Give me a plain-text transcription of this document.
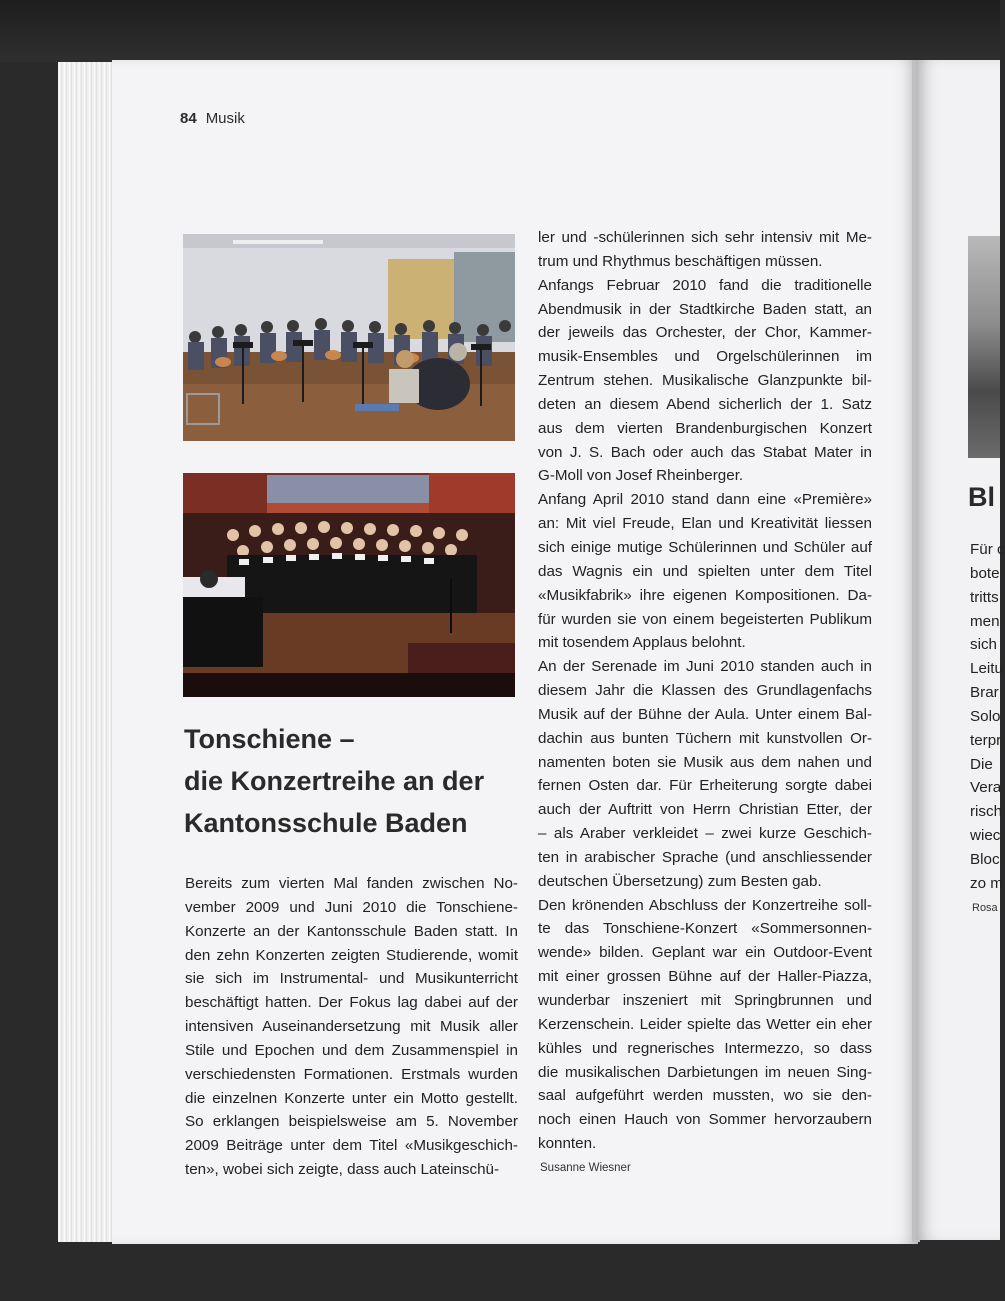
84 Musik
Tonschiene –
die Konzertreihe an der
Kantonsschule Baden
Bereits zum vierten Mal fanden zwischen No-
vember 2009 und Juni 2010 die Tonschiene-
Konzerte an der Kantonsschule Baden statt. In
den zehn Konzerten zeigten Studierende, womit
sie sich im Instrumental- und Musikunterricht
beschäftigt hatten. Der Fokus lag dabei auf der
intensiven Auseinandersetzung mit Musik aller
Stile und Epochen und dem Zusammenspiel in
verschiedensten Formationen. Erstmals wurden
die einzelnen Konzerte unter ein Motto gestellt.
So erklangen beispielsweise am 5. November
2009 Beiträge unter dem Titel «Musikgeschich-
ten», wobei sich zeigte, dass auch Lateinschü-
ler und -schülerinnen sich sehr intensiv mit Me-
trum und Rhythmus beschäftigen müssen.
Anfangs Februar 2010 fand die traditionelle
Abendmusik in der Stadtkirche Baden statt, an
der jeweils das Orchester, der Chor, Kammer-
musik-Ensembles und Orgelschülerinnen im
Zentrum stehen. Musikalische Glanzpunkte bil-
deten an diesem Abend sicherlich der 1. Satz
aus dem vierten Brandenburgischen Konzert
von J. S. Bach oder auch das Stabat Mater in
G-Moll von Josef Rheinberger.
Anfang April 2010 stand dann eine «Première»
an: Mit viel Freude, Elan und Kreativität liessen
sich einige mutige Schülerinnen und Schüler auf
das Wagnis ein und spielten unter dem Titel
«Musikfabrik» ihre eigenen Kompositionen. Da-
für wurden sie von einem begeisterten Publikum
mit tosendem Applaus belohnt.
An der Serenade im Juni 2010 standen auch in
diesem Jahr die Klassen des Grundlagenfachs
Musik auf der Bühne der Aula. Unter einem Bal-
dachin aus bunten Tüchern mit kunstvollen Or-
namenten boten sie Musik aus dem nahen und
fernen Osten dar. Für Erheiterung sorgte dabei
auch der Auftritt von Herrn Christian Etter, der
– als Araber verkleidet – zwei kurze Geschich-
ten in arabischer Sprache (und anschliessender
deutschen Übersetzung) zum Besten gab.
Den krönenden Abschluss der Konzertreihe soll-
te das Tonschiene-Konzert «Sommersonnen-
wende» bilden. Geplant war ein Outdoor-Event
mit einer grossen Bühne auf der Haller-Piazza,
wunderbar inszeniert mit Springbrunnen und
Kerzenschein. Leider spielte das Wetter ein eher
kühles und regnerisches Intermezzo, so dass
die musikalischen Darbietungen im neuen Sing-
saal aufgeführt werden mussten, wo sie den-
noch einen Hauch von Sommer hervorzaubern
konnten.
Susanne Wiesner
Bl
Für c
bote
tritts
men
sich
Leitu
Brar
Solo
terpr
Die
Vera
risch
wiec
Bloc
zo m
Rosa
